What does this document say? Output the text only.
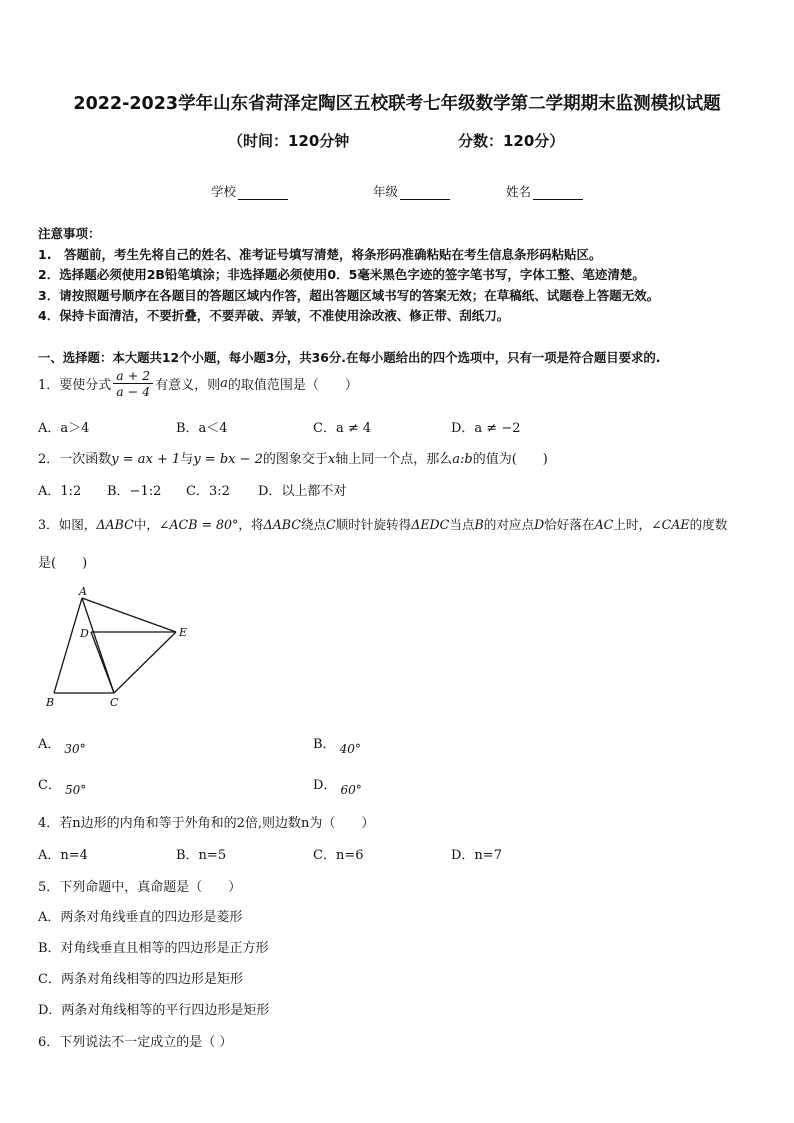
2022-2023学年山东省菏泽定陶区五校联考七年级数学第二学期期末监测模拟试题
（时间：120分钟	分数：120分）
学校	年级	姓名
注意事项：
1.　答题前，考生先将自己的姓名、准考证号填写清楚，将条形码准确粘贴在考生信息条形码粘贴区。
2．选择题必须使用2B铅笔填涂；非选择题必须使用0．5毫米黑色字迹的签字笔书写，字体工整、笔迹清楚。
3．请按照题号顺序在各题目的答题区域内作答，超出答题区域书写的答案无效；在草稿纸、试题卷上答题无效。
4．保持卡面清洁，不要折叠，不要弄破、弄皱，不准使用涂改液、修正带、刮纸刀。
一、选择题：本大题共12个小题，每小题3分，共36分.在每小题给出的四个选项中，只有一项是符合题目要求的.
1．要使分式 $\frac{a + 2}{a - 4}$ 有意义，则 a 的取值范围是（　　）
A．a＞4	B．a＜4	C．a ≠ 4	D．a ≠ −2
2．一次函数y = ax + 1与y = bx − 2的图象交于x轴上同一个点，那么a:b的值为(　　)
A．1:2 B．−1:2 C．3:2 D．以上都不对
3．如图，ΔABC中，∠ACB = 80°，将ΔABC绕点C顺时针旋转得ΔEDC当点B的对应点D恰好落在AC上时，∠CAE的度数
是(　　)
A
D	E
B	C
A． 30°	B． 40°
C． 50°	D． 60°
4．若n边形的内角和等于外角和的2倍,则边数n为（　　）
A．n=4	B．n=5	C．n=6	D．n=7
5．下列命题中，真命题是（　　）
A．两条对角线垂直的四边形是菱形
B．对角线垂直且相等的四边形是正方形
C．两条对角线相等的四边形是矩形
D．两条对角线相等的平行四边形是矩形
6．下列说法不一定成立的是（ ）
